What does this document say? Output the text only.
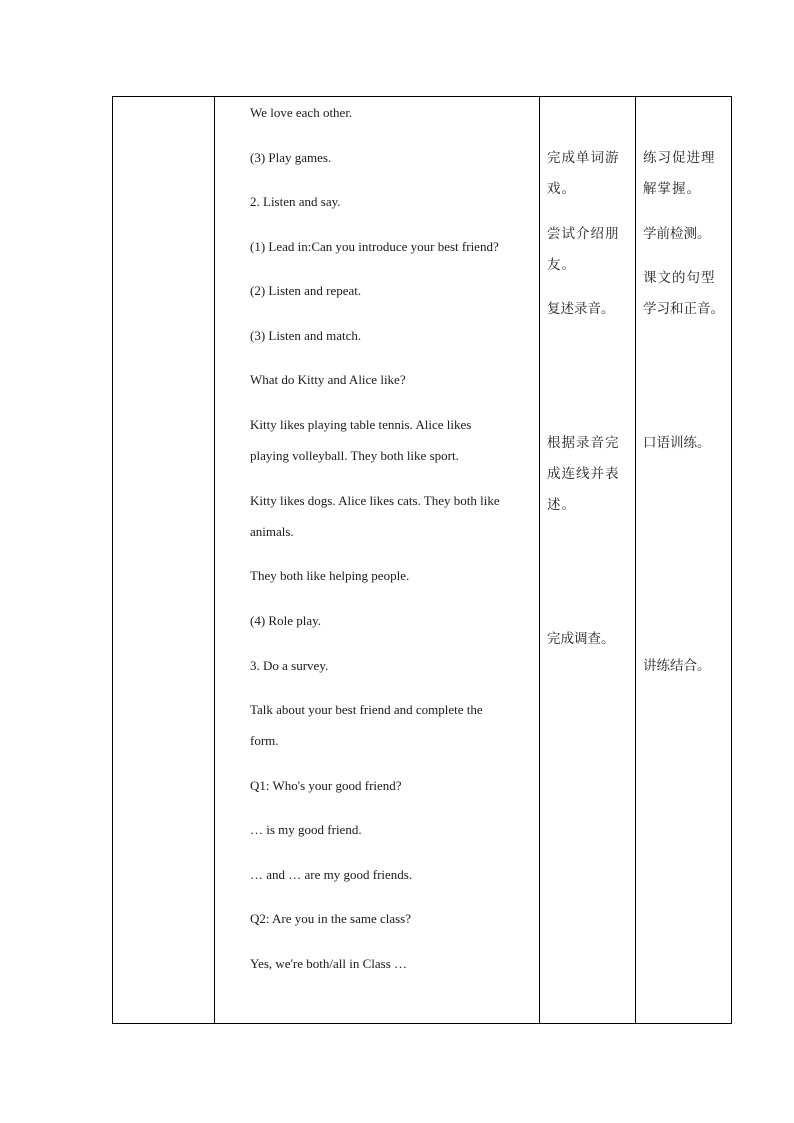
We love each other.
(3) Play games.
2. Listen and say.
(1) Lead in:Can you introduce your best friend?
(2) Listen and repeat.
(3) Listen and match.
What do Kitty and Alice like?
Kitty likes playing table tennis. Alice likes
playing volleyball. They both like sport.
Kitty likes dogs. Alice likes cats. They both like
animals.
They both like helping people.
(4) Role play.
3. Do a survey.
Talk about your best friend and complete the
form.
Q1: Who's your good friend?
… is my good friend.
… and … are my good friends.
Q2: Are you in the same class?
Yes, we're both/all in Class …
完成单词游
戏。
尝试介绍朋
友。
复述录音。
根据录音完
成连线并表
述。
完成调查。
练习促进理
解掌握。
学前检测。
课文的句型
学习和正音。
口语训练。
讲练结合。
